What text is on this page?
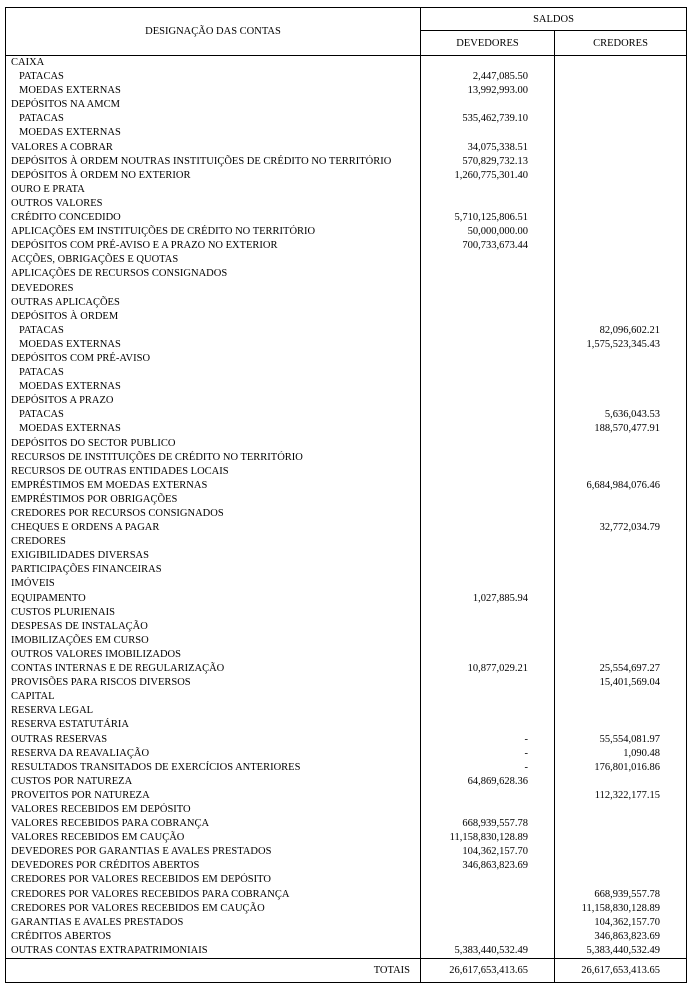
DESIGNAÇÃO DAS CONTAS	SALDOS	
	DEVEDORES	CREDORES
CAIXA		
PATACAS	2,447,085.50	
MOEDAS EXTERNAS	13,992,993.00	
DEPÓSITOS NA AMCM		
PATACAS	535,462,739.10	
MOEDAS EXTERNAS		
VALORES A COBRAR	34,075,338.51	
DEPÓSITOS À ORDEM NOUTRAS INSTITUIÇÕES DE CRÉDITO NO TERRITÓRIO	570,829,732.13	
DEPÓSITOS À ORDEM NO EXTERIOR	1,260,775,301.40	
OURO E PRATA		
OUTROS VALORES		
CRÉDITO CONCEDIDO	5,710,125,806.51	
APLICAÇÕES EM INSTITUIÇÕES DE CRÉDITO NO TERRITÓRIO	50,000,000.00	
DEPÓSITOS COM PRÉ-AVISO E A PRAZO NO EXTERIOR	700,733,673.44	
ACÇÕES, OBRIGAÇÕES E QUOTAS		
APLICAÇÕES DE RECURSOS CONSIGNADOS		
DEVEDORES		
OUTRAS APLICAÇÕES		
DEPÓSITOS À ORDEM		
PATACAS		82,096,602.21
MOEDAS EXTERNAS		1,575,523,345.43
DEPÓSITOS COM PRÉ-AVISO		
PATACAS		
MOEDAS EXTERNAS		
DEPÓSITOS A PRAZO		
PATACAS		5,636,043.53
MOEDAS EXTERNAS		188,570,477.91
DEPÓSITOS DO SECTOR PUBLICO		
RECURSOS DE INSTITUIÇÕES DE CRÉDITO NO TERRITÓRIO		
RECURSOS DE OUTRAS ENTIDADES LOCAIS		
EMPRÉSTIMOS EM MOEDAS EXTERNAS		6,684,984,076.46
EMPRÉSTIMOS POR OBRIGAÇÕES		
CREDORES POR RECURSOS CONSIGNADOS		
CHEQUES E ORDENS A PAGAR		32,772,034.79
CREDORES		
EXIGIBILIDADES DIVERSAS		
PARTICIPAÇÕES FINANCEIRAS		
IMÓVEIS		
EQUIPAMENTO	1,027,885.94	
CUSTOS PLURIENAIS		
DESPESAS DE INSTALAÇÃO		
IMOBILIZAÇÕES EM CURSO		
OUTROS VALORES IMOBILIZADOS		
CONTAS INTERNAS E DE REGULARIZAÇÃO	10,877,029.21	25,554,697.27
PROVISÕES PARA RISCOS DIVERSOS		15,401,569.04
CAPITAL		
RESERVA LEGAL		
RESERVA ESTATUTÁRIA		
OUTRAS RESERVAS	-	55,554,081.97
RESERVA DA REAVALIAÇÃO	-	1,090.48
RESULTADOS TRANSITADOS DE EXERCÍCIOS ANTERIORES	-	176,801,016.86
CUSTOS POR NATUREZA	64,869,628.36	
PROVEITOS POR NATUREZA		112,322,177.15
VALORES RECEBIDOS EM DEPÓSITO		
VALORES RECEBIDOS PARA COBRANÇA	668,939,557.78	
VALORES RECEBIDOS EM CAUÇÃO	11,158,830,128.89	
DEVEDORES POR GARANTIAS E AVALES PRESTADOS	104,362,157.70	
DEVEDORES POR CRÉDITOS ABERTOS	346,863,823.69	
CREDORES POR VALORES RECEBIDOS EM DEPÓSITO		
CREDORES POR VALORES RECEBIDOS PARA COBRANÇA		668,939,557.78
CREDORES POR VALORES RECEBIDOS EM CAUÇÃO		11,158,830,128.89
GARANTIAS E AVALES PRESTADOS		104,362,157.70
CRÉDITOS ABERTOS		346,863,823.69
OUTRAS CONTAS EXTRAPATRIMONIAIS	5,383,440,532.49	5,383,440,532.49
TOTAIS	26,617,653,413.65	26,617,653,413.65
